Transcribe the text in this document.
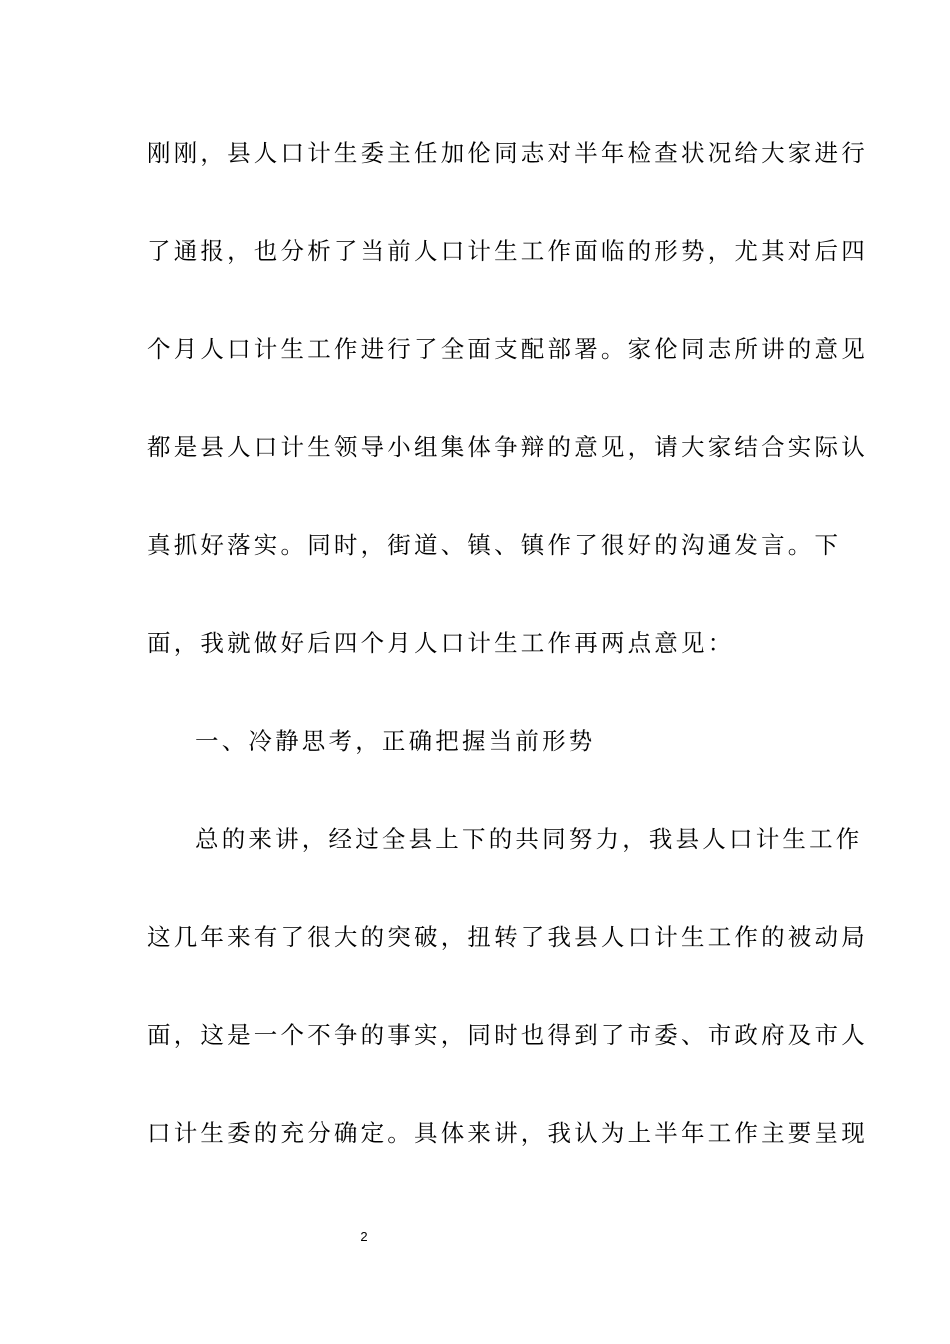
刚刚，县人口计生委主任加伦同志对半年检查状况给大家进行
了通报，也分析了当前人口计生工作面临的形势，尤其对后四
个月人口计生工作进行了全面支配部署。家伦同志所讲的意见
都是县人口计生领导小组集体争辩的意见，请大家结合实际认
真抓好落实。同时，街道、镇、镇作了很好的沟通发言。下
面，我就做好后四个月人口计生工作再两点意见：
一、冷静思考，正确把握当前形势
总的来讲，经过全县上下的共同努力，我县人口计生工作
这几年来有了很大的突破，扭转了我县人口计生工作的被动局
面，这是一个不争的事实，同时也得到了市委、市政府及市人
口计生委的充分确定。具体来讲，我认为上半年工作主要呈现
2
